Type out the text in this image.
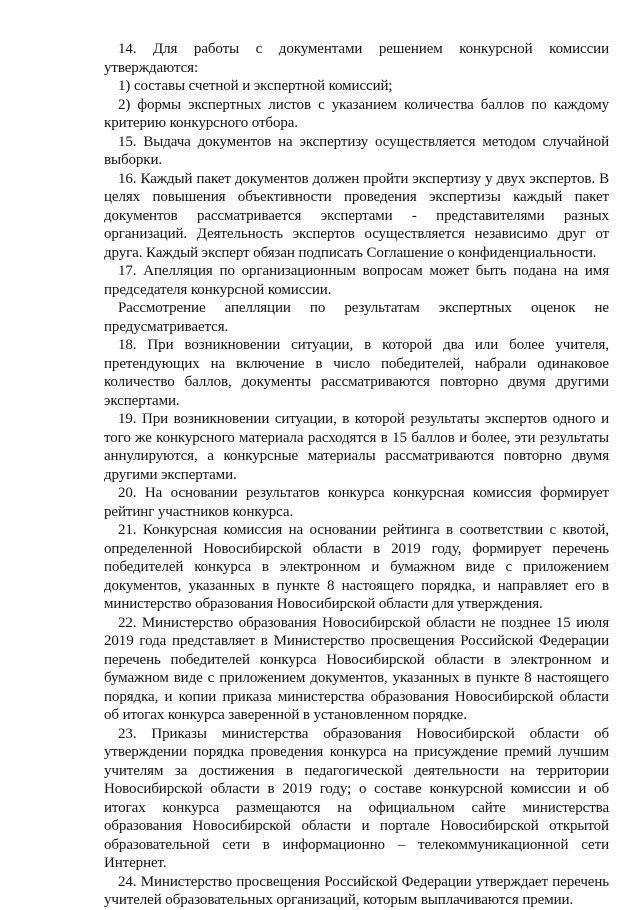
14. Для работы с документами решением конкурсной комиссии утверждаются:

1) составы счетной и экспертной комиссий;

2) формы экспертных листов с указанием количества баллов по каждому критерию конкурсного отбора.

15. Выдача документов на экспертизу осуществляется методом случайной выборки.

16. Каждый пакет документов должен пройти экспертизу у двух экспертов. В целях повышения объективности проведения экспертизы каждый пакет документов рассматривается экспертами - представителями разных организаций. Деятельность экспертов осуществляется независимо друг от друга. Каждый эксперт обязан подписать Соглашение о конфиденциальности.

17. Апелляция по организационным вопросам может быть подана на имя председателя конкурсной комиссии.

Рассмотрение апелляции по результатам экспертных оценок не предусматривается.

18. При возникновении ситуации, в которой два или более учителя, претендующих на включение в число победителей, набрали одинаковое количество баллов, документы рассматриваются повторно двумя другими экспертами.

19. При возникновении ситуации, в которой результаты экспертов одного и того же конкурсного материала расходятся в 15 баллов и более, эти результаты аннулируются, а конкурсные материалы рассматриваются повторно двумя другими экспертами.

20. На основании результатов конкурса конкурсная комиссия формирует рейтинг участников конкурса.

21. Конкурсная комиссия на основании рейтинга в соответствии с квотой, определенной Новосибирской области в 2019 году, формирует перечень победителей конкурса в электронном и бумажном виде с приложением документов, указанных в пункте 8 настоящего порядка, и направляет его в министерство образования Новосибирской области для утверждения.

22. Министерство образования Новосибирской области не позднее 15 июля 2019 года представляет в Министерство просвещения Российской Федерации перечень победителей конкурса Новосибирской области в электронном и бумажном виде с приложением документов, указанных в пункте 8 настоящего порядка, и копии приказа министерства образования Новосибирской области об итогах конкурса заверенной в установленном порядке.

23. Приказы министерства образования Новосибирской области об утверждении порядка проведения конкурса на присуждение премий лучшим учителям за достижения в педагогической деятельности на территории Новосибирской области в 2019 году; о составе конкурсной комиссии и об итогах конкурса размещаются на официальном сайте министерства образования Новосибирской области и портале Новосибирской открытой образовательной сети в информационно – телекоммуникационной сети Интернет.

24. Министерство просвещения Российской Федерации утверждает перечень учителей образовательных организаций, которым выплачиваются премии.
